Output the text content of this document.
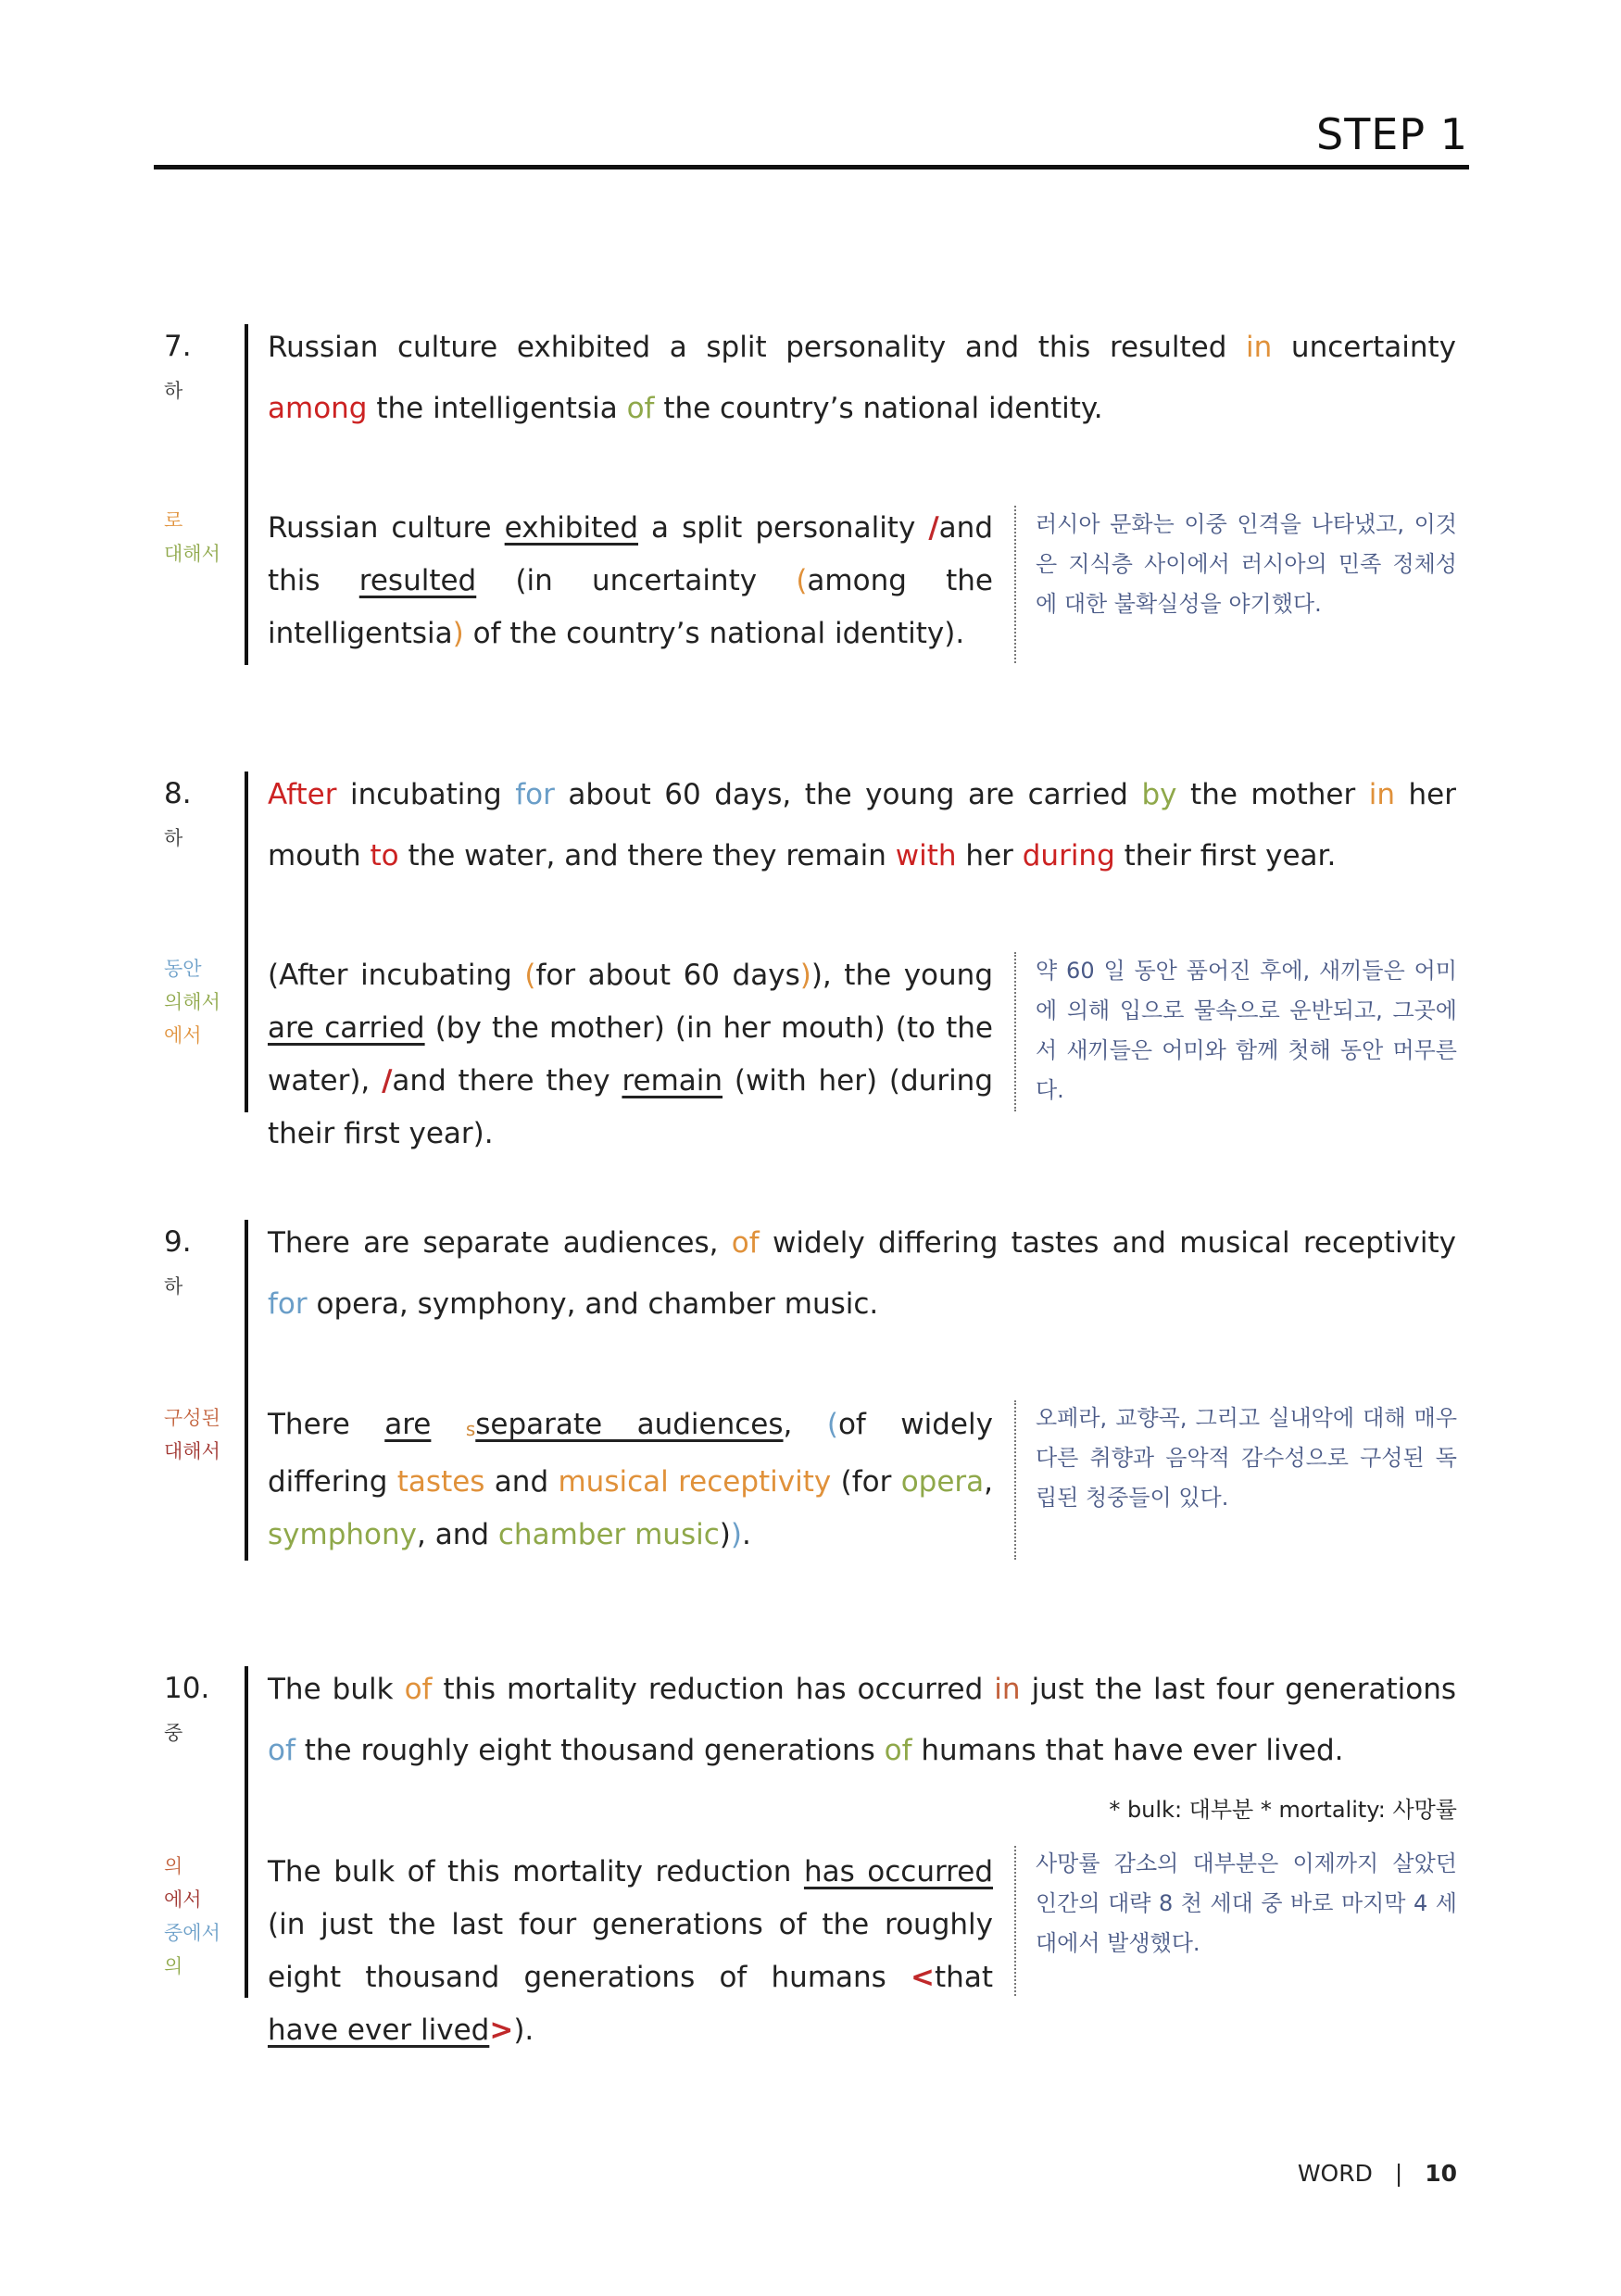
STEP 1
7.
하
Russian culture exhibited a split personality and this resulted in uncertainty among the intelligentsia of the country’s national identity.
로
대해서
Russian culture exhibited a split personality /and this resulted (in uncertainty (among the intelligentsia) of the country’s national identity).
러시아 문화는 이중 인격을 나타냈고, 이것은 지식층 사이에서 러시아의 민족 정체성에 대한 불확실성을 야기했다.
8.
하
After incubating for about 60 days, the young are carried by the mother in her mouth to the water, and there they remain with her during their first year.
동안
의해서
에서
(After incubating (for about 60 days)), the young are carried (by the mother) (in her mouth) (to the water), /and there they remain (with her) (during their first year).
약 60 일 동안 품어진 후에, 새끼들은 어미에 의해 입으로 물속으로 운반되고, 그곳에서 새끼들은 어미와 함께 첫해 동안 머무른다.
9.
하
There are separate audiences, of widely differing tastes and musical receptivity for opera, symphony, and chamber music.
구성된
대해서
There are sseparate audiences, (of widely differing tastes and musical receptivity (for opera, symphony, and chamber music)).
오페라, 교향곡, 그리고 실내악에 대해 매우 다른 취향과 음악적 감수성으로 구성된 독립된 청중들이 있다.
10.
중
The bulk of this mortality reduction has occurred in just the last four generations of the roughly eight thousand generations of humans that have ever lived.
* bulk: 대부분 * mortality: 사망률
의
에서
중에서
의
The bulk of this mortality reduction has occurred (in just the last four generations of the roughly eight thousand generations of humans <that have ever lived>).
사망률 감소의 대부분은 이제까지 살았던 인간의 대략 8 천 세대 중 바로 마지막 4 세대에서 발생했다.
WORD | 10
